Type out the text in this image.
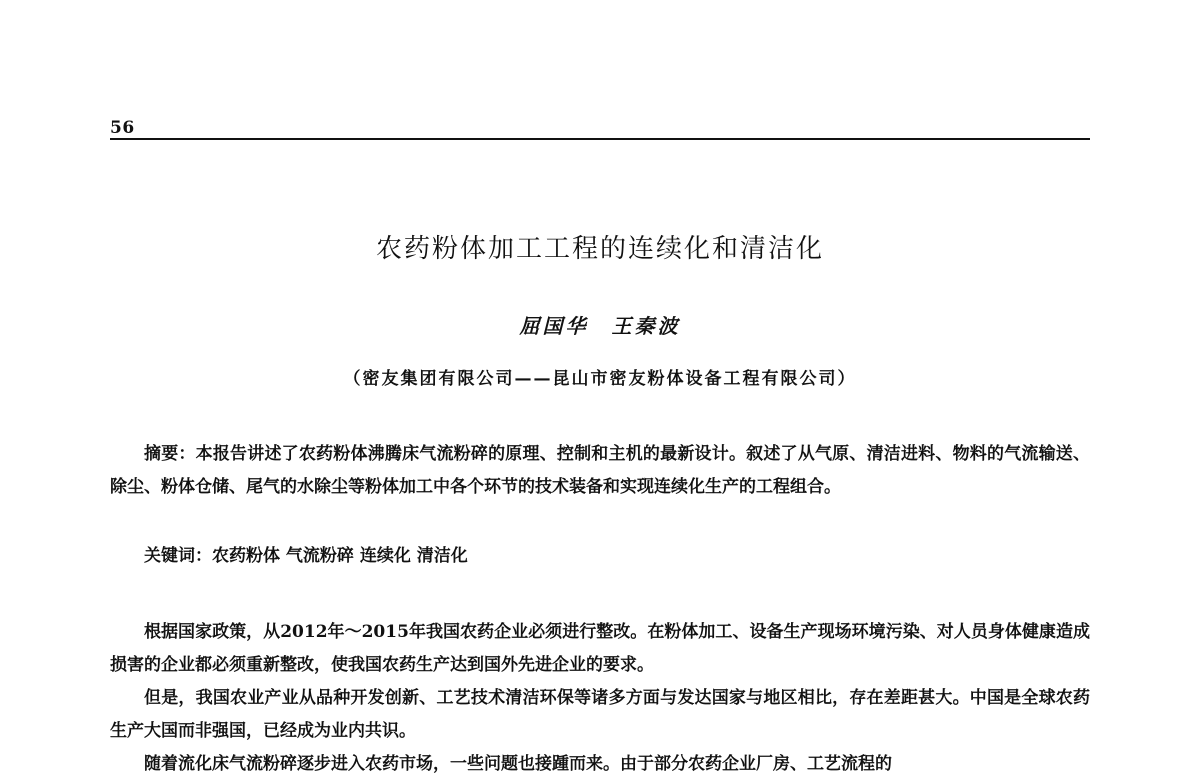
56
农药粉体加工工程的连续化和清洁化
屈国华　王秦波
（密友集团有限公司——昆山市密友粉体设备工程有限公司）

摘要：本报告讲述了农药粉体沸腾床气流粉碎的原理、控制和主机的最新设计。叙述了从气原、清洁进料、物料的气流输送、除尘、粉体仓储、尾气的水除尘等粉体加工中各个环节的技术装备和实现连续化生产的工程组合。

关键词：农药粉体 气流粉碎 连续化 清洁化

根据国家政策，从2012年～2015年我国农药企业必须进行整改。在粉体加工、设备生产现场环境污染、对人员身体健康造成损害的企业都必须重新整改，使我国农药生产达到国外先进企业的要求。

但是，我国农业产业从品种开发创新、工艺技术清洁环保等诸多方面与发达国家与地区相比，存在差距甚大。中国是全球农药生产大国而非强国，已经成为业内共识。

随着流化床气流粉碎逐步进入农药市场，一些问题也接踵而来。由于部分农药企业厂房、工艺流程的
